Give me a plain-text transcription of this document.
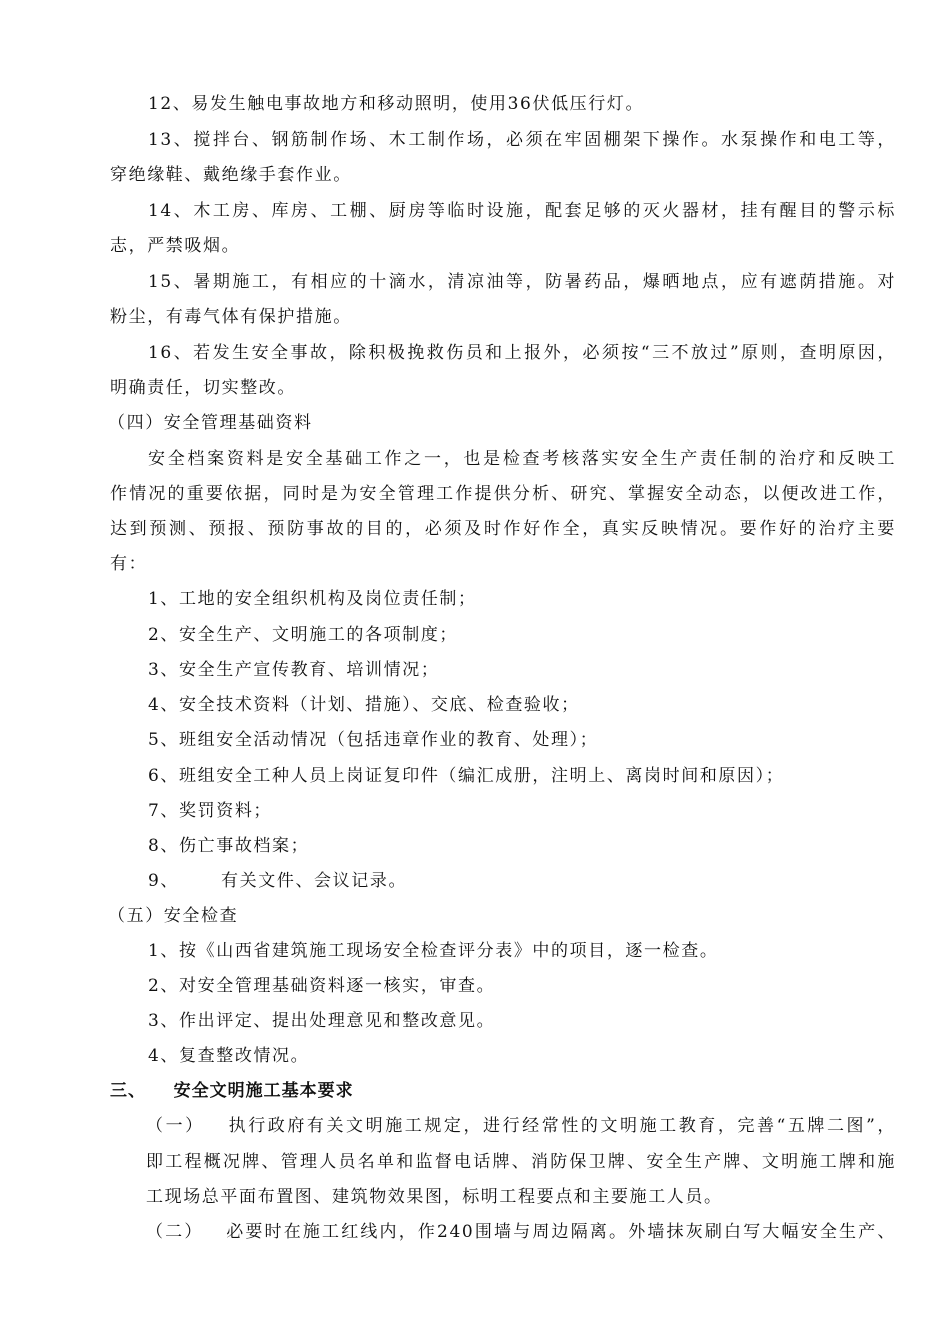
12、易发生触电事故地方和移动照明，使用36伏低压行灯。
13、搅拌台、钢筋制作场、木工制作场，必须在牢固棚架下操作。水泵操作和电工等，
穿绝缘鞋、戴绝缘手套作业。
14、木工房、库房、工棚、厨房等临时设施，配套足够的灭火器材，挂有醒目的警示标
志，严禁吸烟。
15、暑期施工，有相应的十滴水，清凉油等，防暑药品，爆晒地点，应有遮荫措施。对
粉尘，有毒气体有保护措施。
16、若发生安全事故，除积极挽救伤员和上报外，必须按“三不放过”原则，查明原因，
明确责任，切实整改。
（四）安全管理基础资料
安全档案资料是安全基础工作之一，也是检查考核落实安全生产责任制的治疗和反映工
作情况的重要依据，同时是为安全管理工作提供分析、研究、掌握安全动态，以便改进工作，
达到预测、预报、预防事故的目的，必须及时作好作全，真实反映情况。要作好的治疗主要
有：
1、工地的安全组织机构及岗位责任制；
2、安全生产、文明施工的各项制度；
3、安全生产宣传教育、培训情况；
4、安全技术资料（计划、措施）、交底、检查验收；
5、班组安全活动情况（包括违章作业的教育、处理）；
6、班组安全工种人员上岗证复印件（编汇成册，注明上、离岗时间和原因）；
7、奖罚资料；
8、伤亡事故档案；
9、      有关文件、会议记录。
（五）安全检查
1、按《山西省建筑施工现场安全检查评分表》中的项目，逐一检查。
2、对安全管理基础资料逐一核实，审查。
3、作出评定、提出处理意见和整改意见。
4、复查整改情况。
三、    安全文明施工基本要求
（一）   执行政府有关文明施工规定，进行经常性的文明施工教育，完善“五牌二图”，
即工程概况牌、管理人员名单和监督电话牌、消防保卫牌、安全生产牌、文明施工牌和施
工现场总平面布置图、建筑物效果图，标明工程要点和主要施工人员。
（二）   必要时在施工红线内，作240围墙与周边隔离。外墙抹灰刷白写大幅安全生产、
